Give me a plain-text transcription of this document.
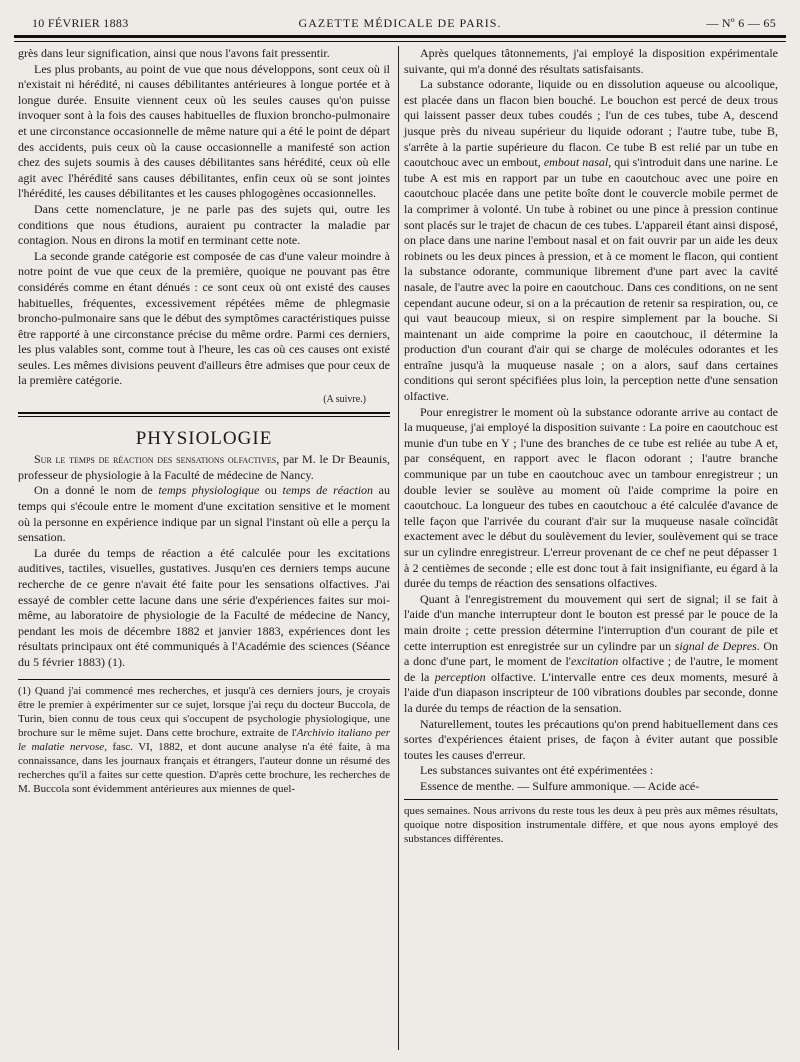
10 FÉVRIER 1883	GAZETTE MÉDICALE DE PARIS.	— Nº 6 — 65

grès dans leur signification, ainsi que nous l'avons fait pressentir.

Les plus probants, au point de vue que nous développons, sont ceux où il n'existait ni hérédité, ni causes débilitantes antérieures à longue portée et à longue durée. Ensuite viennent ceux où les seules causes qu'on puisse invoquer sont à la fois des causes habituelles de fluxion broncho-pulmonaire et une circonstance occasionnelle de même nature qui a été le point de départ des accidents, puis ceux où la cause occasionnelle a manifesté son action chez des sujets soumis à des causes débilitantes sans hérédité, ceux où elle agit avec l'hérédité sans causes débilitantes, enfin ceux où se sont jointes l'hérédité, les causes débilitantes et les causes phlogogènes occasionnelles.

Dans cette nomenclature, je ne parle pas des sujets qui, outre les conditions que nous étudions, auraient pu contracter la maladie par contagion. Nous en dirons la motif en terminant cette note.

La seconde grande catégorie est composée de cas d'une valeur moindre à notre point de vue que ceux de la première, quoique ne pouvant pas être considérés comme en étant dénués : ce sont ceux où ont existé des causes habituelles, fréquentes, excessivement répétées même de phlegmasie broncho-pulmonaire sans que le début des symptômes caractéristiques puisse être rapporté à une circonstance précise du même ordre. Parmi ces derniers, les plus valables sont, comme tout à l'heure, les cas où ces causes ont existé seules. Les mêmes divisions peuvent d'ailleurs être admises que pour ceux de la première catégorie.

(A suivre.)
PHYSIOLOGIE

Sur le temps de réaction des sensations olfactives, par M. le Dr Beaunis, professeur de physiologie à la Faculté de médecine de Nancy.

On a donné le nom de temps physiologique ou temps de réaction au temps qui s'écoule entre le moment d'une excitation sensitive et le moment où la personne en expérience indique par un signal l'instant où elle a perçu la sensation.

La durée du temps de réaction a été calculée pour les excitations auditives, tactiles, visuelles, gustatives. Jusqu'en ces derniers temps aucune recherche de ce genre n'avait été faite pour les sensations olfactives. J'ai essayé de combler cette lacune dans une série d'expériences faites sur moi-même, au laboratoire de physiologie de la Faculté de médecine de Nancy, pendant les mois de décembre 1882 et janvier 1883, expériences dont les résultats principaux ont été communiqués à l'Académie des sciences (Séance du 5 février 1883) (1).

(1) Quand j'ai commencé mes recherches, et jusqu'à ces derniers jours, je croyais être le premier à expérimenter sur ce sujet, lorsque j'ai reçu du docteur Buccola, de Turin, bien connu de tous ceux qui s'occupent de psychologie physiologique, une brochure sur le même sujet. Dans cette brochure, extraite de l'Archivio italiano per le malatie nervose, fasc. VI, 1882, et dont aucune analyse n'a été faite, à ma connaissance, dans les journaux français et étrangers, l'auteur donne un résumé des recherches qu'il a faites sur cette question. D'après cette brochure, les recherches de M. Buccola sont évidemment antérieures aux miennes de quel-

Après quelques tâtonnements, j'ai employé la disposition expérimentale suivante, qui m'a donné des résultats satisfaisants.

La substance odorante, liquide ou en dissolution aqueuse ou alcoolique, est placée dans un flacon bien bouché. Le bouchon est percé de deux trous qui laissent passer deux tubes coudés ; l'un de ces tubes, tube A, descend jusque près du niveau supérieur du liquide odorant ; l'autre tube, tube B, s'arrête à la partie supérieure du flacon. Ce tube B est relié par un tube en caoutchouc avec un embout, embout nasal, qui s'introduit dans une narine. Le tube A est mis en rapport par un tube en caoutchouc avec une poire en caoutchouc placée dans une petite boîte dont le couvercle mobile permet de la comprimer à volonté. Un tube à robinet ou une pince à pression continue sont placés sur le trajet de chacun de ces tubes. L'appareil étant ainsi disposé, on place dans une narine l'embout nasal et on fait ouvrir par un aide les deux robinets ou les deux pinces à pression, et à ce moment le flacon, qui contient la substance odorante, communique librement d'une part avec la cavité nasale, de l'autre avec la poire en caoutchouc. Dans ces conditions, on ne sent cependant aucune odeur, si on a la précaution de retenir sa respiration, ou, ce qui vaut beaucoup mieux, si on respire simplement par la bouche. Si maintenant un aide comprime la poire en caoutchouc, il détermine la production d'un courant d'air qui se charge de molécules odorantes et les entraîne jusqu'à la muqueuse nasale ; on a alors, sauf dans certaines conditions qui seront spécifiées plus loin, la perception nette d'une sensation olfactive.

Pour enregistrer le moment où la substance odorante arrive au contact de la muqueuse, j'ai employé la disposition suivante : La poire en caoutchouc est munie d'un tube en Y ; l'une des branches de ce tube est reliée au tube A et, par conséquent, en rapport avec le flacon odorant ; l'autre branche communique par un tube en caoutchouc avec un tambour enregistreur ; un double levier se soulève au moment où l'aide comprime la poire en caoutchouc. La longueur des tubes en caoutchouc a été calculée d'avance de telle façon que l'arrivée du courant d'air sur la muqueuse nasale coïncidât exactement avec le début du soulèvement du levier, soulèvement qui se trace sur un cylindre enregistreur. L'erreur provenant de ce chef ne peut dépasser 1 à 2 centièmes de seconde ; elle est donc tout à fait insignifiante, eu égard à la durée du temps de réaction des sensations olfactives.

Quant à l'enregistrement du mouvement qui sert de signal; il se fait à l'aide d'un manche interrupteur dont le bouton est pressé par le pouce de la main droite ; cette pression détermine l'interruption d'un courant de pile et cette interruption est enregistrée sur un cylindre par un signal de Depres. On a donc d'une part, le moment de l'excitation olfactive ; de l'autre, le moment de la perception olfactive. L'intervalle entre ces deux moments, mesuré à l'aide d'un diapason inscripteur de 100 vibrations doubles par seconde, donne la durée du temps de réaction de la sensation.

Naturellement, toutes les précautions qu'on prend habituellement dans ces sortes d'expériences étaient prises, de façon à éviter autant que possible toutes les causes d'erreur.

Les substances suivantes ont été expérimentées :

Essence de menthe. — Sulfure ammonique. — Acide acé-

ques semaines. Nous arrivons du reste tous les deux à peu près aux mêmes résultats, quoique notre disposition instrumentale diffère, et que nous ayons employé des substances différentes.
